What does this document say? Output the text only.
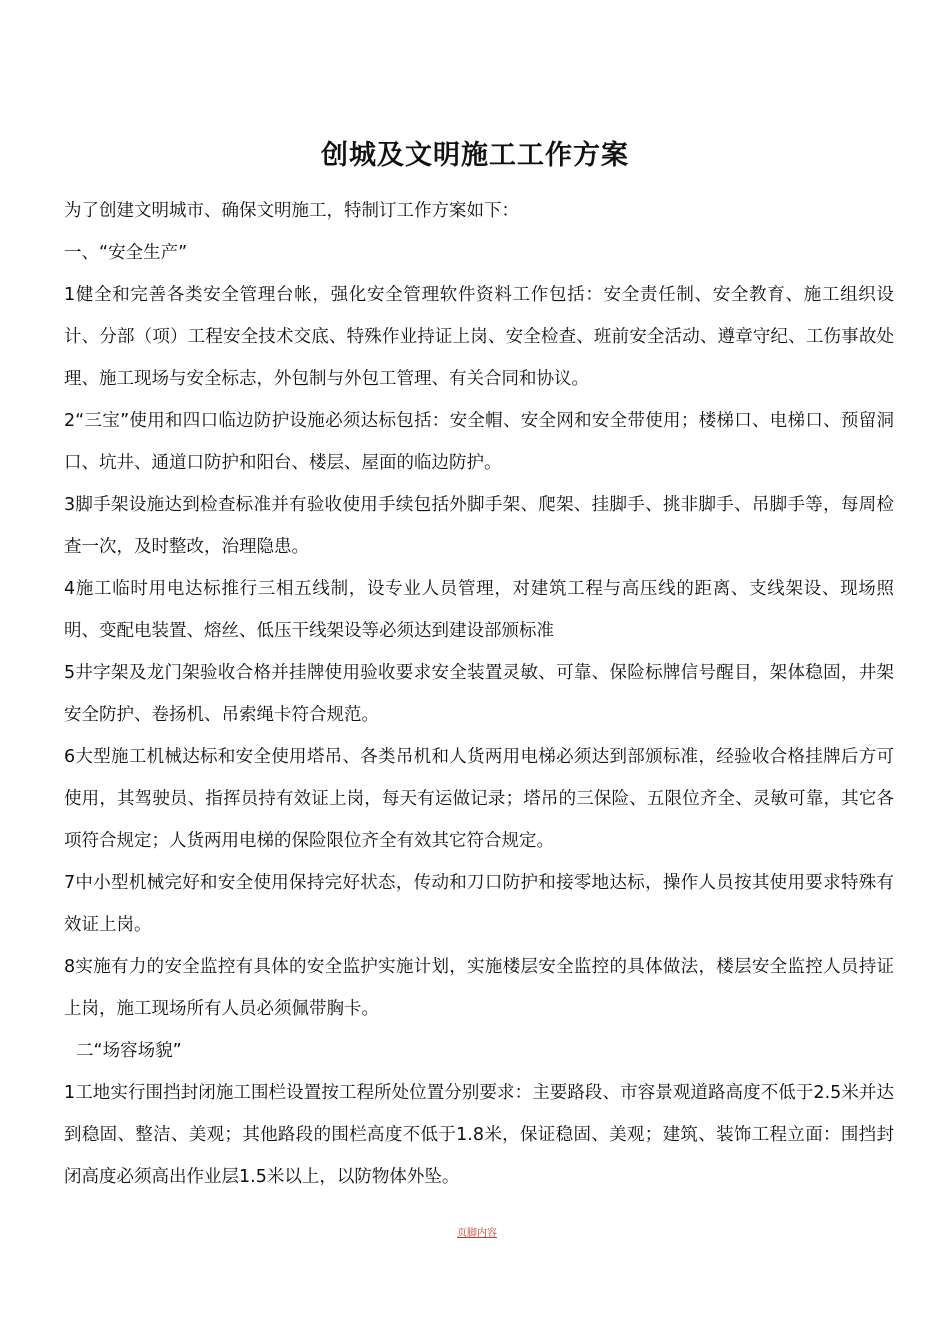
创城及文明施工工作方案

为了创建文明城市、确保文明施工，特制订工作方案如下：

一、“安全生产”

1健全和完善各类安全管理台帐，强化安全管理软件资料工作包括：安全责任制、安全教育、施工组织设计、分部（项）工程安全技术交底、特殊作业持证上岗、安全检查、班前安全活动、遵章守纪、工伤事故处理、施工现场与安全标志，外包制与外包工管理、有关合同和协议。

2“三宝”使用和四口临边防护设施必须达标包括：安全帽、安全网和安全带使用；楼梯口、电梯口、预留洞口、坑井、通道口防护和阳台、楼层、屋面的临边防护。

3脚手架设施达到检查标准并有验收使用手续包括外脚手架、爬架、挂脚手、挑非脚手、吊脚手等，每周检查一次，及时整改，治理隐患。

4施工临时用电达标推行三相五线制，设专业人员管理，对建筑工程与高压线的距离、支线架设、现场照明、变配电装置、熔丝、低压干线架设等必须达到建设部颁标准

5井字架及龙门架验收合格并挂牌使用验收要求安全装置灵敏、可靠、保险标牌信号醒目，架体稳固，井架安全防护、卷扬机、吊索绳卡符合规范。

6大型施工机械达标和安全使用塔吊、各类吊机和人货两用电梯必须达到部颁标准，经验收合格挂牌后方可使用，其驾驶员、指挥员持有效证上岗，每天有运做记录；塔吊的三保险、五限位齐全、灵敏可靠，其它各项符合规定；人货两用电梯的保险限位齐全有效其它符合规定。

7中小型机械完好和安全使用保持完好状态，传动和刀口防护和接零地达标，操作人员按其使用要求特殊有效证上岗。

8实施有力的安全监控有具体的安全监护实施计划，实施楼层安全监控的具体做法，楼层安全监控人员持证上岗，施工现场所有人员必须佩带胸卡。

二“场容场貌”

1工地实行围挡封闭施工围栏设置按工程所处位置分别要求：主要路段、市容景观道路高度不低于2.5米并达到稳固、整洁、美观；其他路段的围栏高度不低于1.8米，保证稳固、美观；建筑、装饰工程立面：围挡封闭高度必须高出作业层1.5米以上，以防物体外坠。

页脚内容
